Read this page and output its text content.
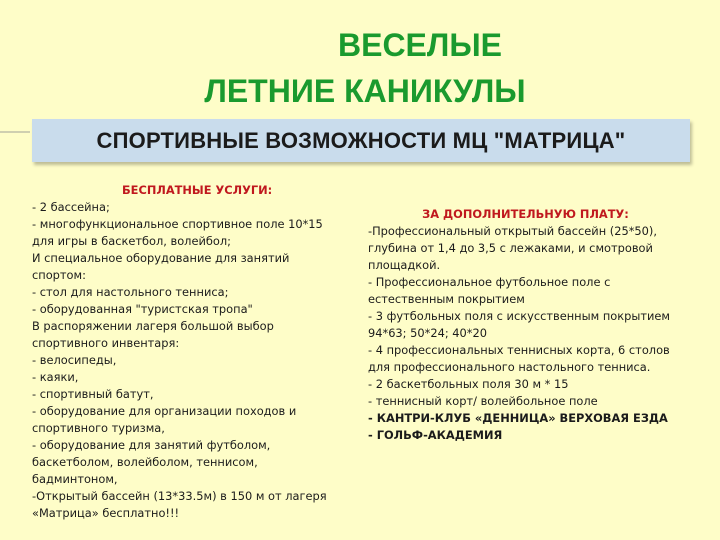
ВЕСЕЛЫЕ
ЛЕТНИЕ КАНИКУЛЫ
СПОРТИВНЫЕ ВОЗМОЖНОСТИ МЦ "МАТРИЦА"
БЕСПЛАТНЫЕ УСЛУГИ:
- 2 бассейна;
- многофункциональное спортивное поле 10*15
для игры в баскетбол, волейбол;
И специальное оборудование для занятий
спортом:
- стол для настольного тенниса;
- оборудованная "туристская тропа"
В распоряжении лагеря большой выбор
спортивного инвентаря:
- велосипеды,
- каяки,
- спортивный батут,
- оборудование для организации походов и
спортивного туризма,
- оборудование для занятий футболом,
баскетболом, волейболом, теннисом,
бадминтоном,
-Открытый бассейн (13*33.5м) в 150 м от лагеря
«Матрица» бесплатно!!!
ЗА ДОПОЛНИТЕЛЬНУЮ ПЛАТУ:
-Профессиональный открытый бассейн (25*50),
глубина от 1,4 до 3,5 с лежаками, и смотровой
площадкой.
- Профессиональное футбольное поле с
естественным покрытием
- 3 футбольных поля с искусственным покрытием
94*63; 50*24; 40*20
- 4 профессиональных теннисных корта, 6 столов
для профессионального настольного тенниса.
- 2 баскетбольных поля 30 м * 15
- теннисный корт/ волейбольное поле
- КАНТРИ-КЛУБ «ДЕННИЦА» ВЕРХОВАЯ ЕЗДА
- ГОЛЬФ-АКАДЕМИЯ
